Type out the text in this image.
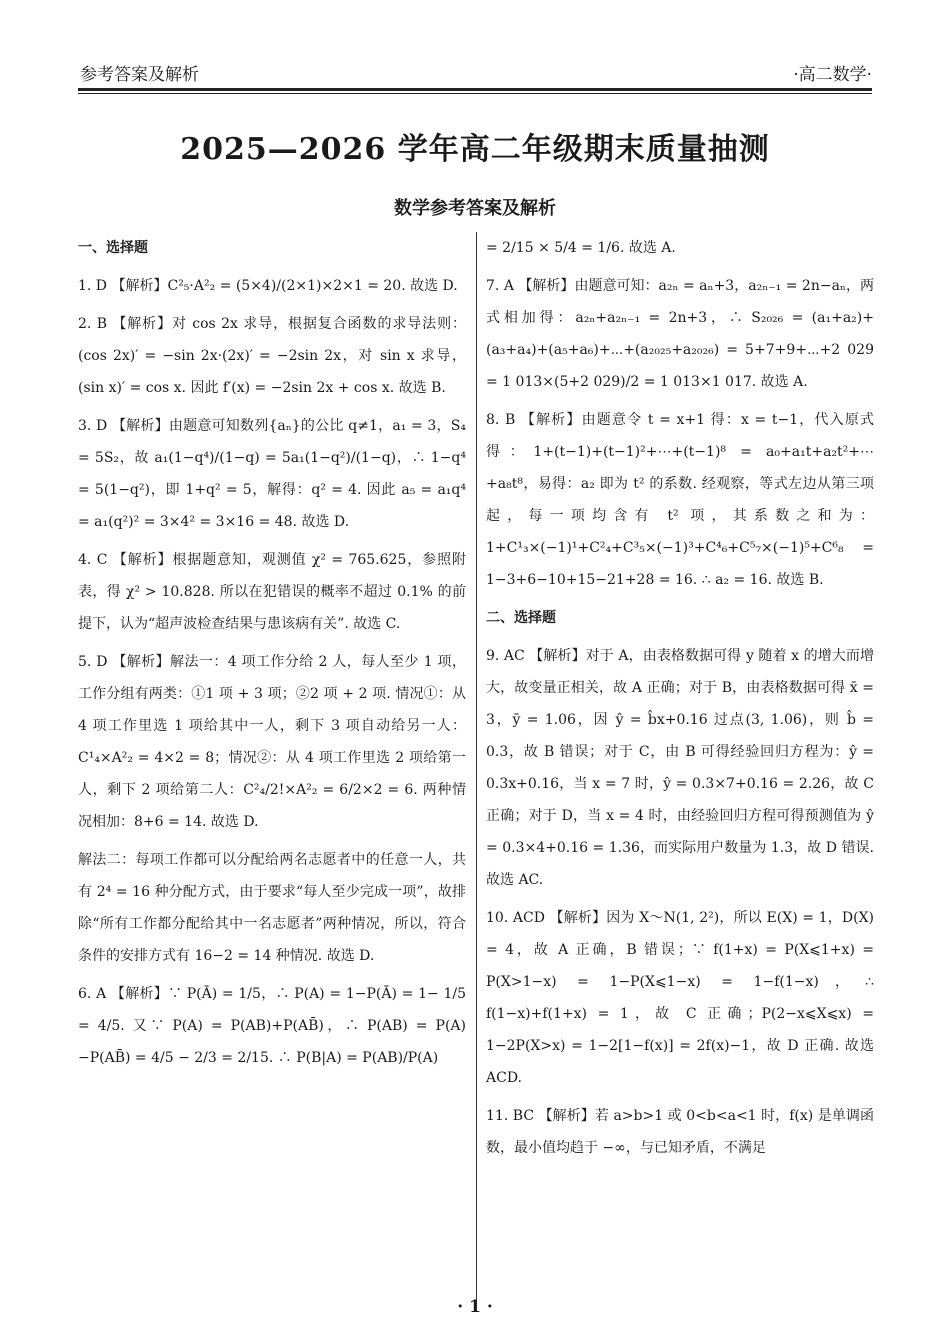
参考答案及解析	·高二数学·
2025—2026 学年高二年级期末质量抽测
数学参考答案及解析
一、选择题
1. D 【解析】C²₅·A²₂ = (5×4)/(2×1)×2×1 = 20. 故选 D.
2. B 【解析】对 cos 2x 求导，根据复合函数的求导法则：(cos 2x)′ = −sin 2x·(2x)′ = −2sin 2x，对 sin x 求导，(sin x)′ = cos x. 因此 f′(x) = −2sin 2x + cos x. 故选 B.
3. D 【解析】由题意可知数列{aₙ}的公比 q≠1，a₁ = 3，S₄ = 5S₂，故 a₁(1−q⁴)/(1−q) = 5a₁(1−q²)/(1−q)，∴ 1−q⁴ = 5(1−q²)，即 1+q² = 5，解得：q² = 4. 因此 a₅ = a₁q⁴ = a₁(q²)² = 3×4² = 3×16 = 48. 故选 D.
4. C 【解析】根据题意知，观测值 χ² = 765.625，参照附表，得 χ² > 10.828. 所以在犯错误的概率不超过 0.1% 的前提下，认为“超声波检查结果与患该病有关”. 故选 C.
5. D 【解析】解法一：4 项工作分给 2 人，每人至少 1 项，工作分组有两类：①1 项 + 3 项；②2 项 + 2 项. 情况①：从 4 项工作里选 1 项给其中一人，剩下 3 项自动给另一人：C¹₄×A²₂ = 4×2 = 8；情况②：从 4 项工作里选 2 项给第一人，剩下 2 项给第二人：C²₄/2!×A²₂ = 6/2×2 = 6. 两种情况相加：8+6 = 14. 故选 D.
解法二：每项工作都可以分配给两名志愿者中的任意一人，共有 2⁴ = 16 种分配方式，由于要求“每人至少完成一项”，故排除“所有工作都分配给其中一名志愿者”两种情况，所以，符合条件的安排方式有 16−2 = 14 种情况. 故选 D.
6. A 【解析】∵ P(Ā) = 1/5，∴ P(A) = 1−P(Ā) = 1− 1/5 = 4/5. 又∵ P(A) = P(AB)+P(AB̄)，∴ P(AB) = P(A)−P(AB̄) = 4/5 − 2/3 = 2/15. ∴ P(B|A) = P(AB)/P(A)
= 2/15 × 5/4 = 1/6. 故选 A.
7. A 【解析】由题意可知：a₂ₙ = aₙ+3，a₂ₙ₋₁ = 2n−aₙ，两式相加得：a₂ₙ+a₂ₙ₋₁ = 2n+3，∴ S₂₀₂₆ = (a₁+a₂)+(a₃+a₄)+(a₅+a₆)+⋯+(a₂₀₂₅+a₂₀₂₆) = 5+7+9+⋯+2 029 = 1 013×(5+2 029)/2 = 1 013×1 017. 故选 A.
8. B 【解析】由题意令 t = x+1 得：x = t−1，代入原式得：1+(t−1)+(t−1)²+⋯+(t−1)⁸ = a₀+a₁t+a₂t²+⋯+a₈t⁸，易得：a₂ 即为 t² 的系数. 经观察，等式左边从第三项起，每一项均含有 t² 项，其系数之和为：1+C¹₃×(−1)¹+C²₄+C³₅×(−1)³+C⁴₆+C⁵₇×(−1)⁵+C⁶₈ = 1−3+6−10+15−21+28 = 16. ∴ a₂ = 16. 故选 B.
二、选择题
9. AC 【解析】对于 A，由表格数据可得 y 随着 x 的增大而增大，故变量正相关，故 A 正确；对于 B，由表格数据可得 x̄ = 3，ȳ = 1.06，因 ŷ = b̂x+0.16 过点(3, 1.06)，则 b̂ = 0.3，故 B 错误；对于 C，由 B 可得经验回归方程为：ŷ = 0.3x+0.16，当 x = 7 时，ŷ = 0.3×7+0.16 = 2.26，故 C 正确；对于 D，当 x = 4 时，由经验回归方程可得预测值为 ŷ = 0.3×4+0.16 = 1.36，而实际用户数量为 1.3，故 D 错误. 故选 AC.
10. ACD 【解析】因为 X～N(1, 2²)，所以 E(X) = 1，D(X) = 4，故 A 正确，B 错误；∵ f(1+x) = P(X⩽1+x) = P(X>1−x) = 1−P(X⩽1−x) = 1−f(1−x)，∴ f(1−x)+f(1+x) = 1，故 C 正确；P(2−x⩽X⩽x) = 1−2P(X>x) = 1−2[1−f(x)] = 2f(x)−1，故 D 正确. 故选 ACD.
11. BC 【解析】若 a>b>1 或 0<b<a<1 时，f(x) 是单调函数，最小值均趋于 −∞，与已知矛盾，不满足
· 1 ·
